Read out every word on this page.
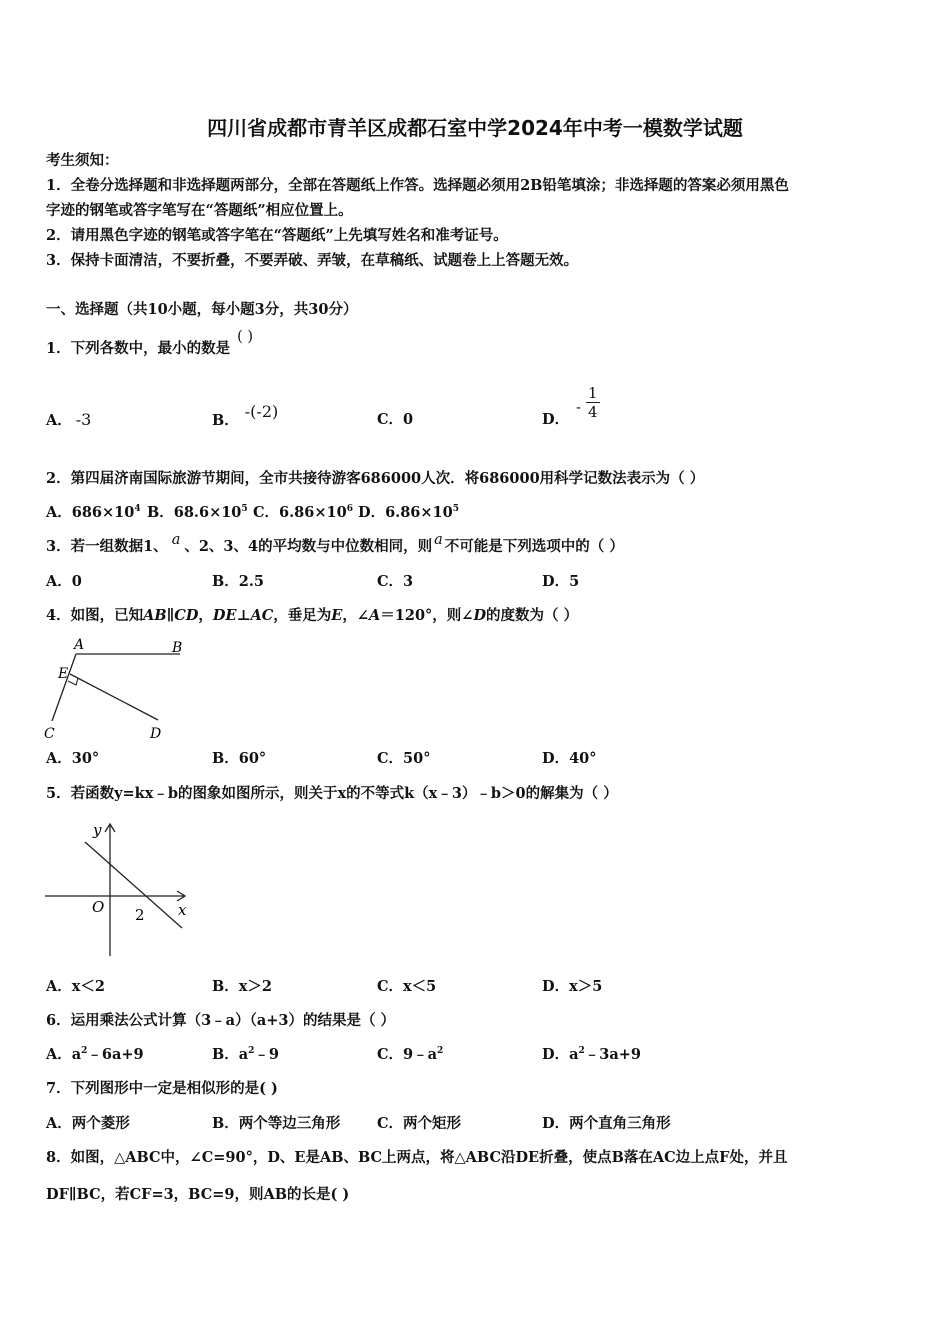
四川省成都市青羊区成都石室中学2024年中考一模数学试题
考生须知：
1．全卷分选择题和非选择题两部分，全部在答题纸上作答。选择题必须用2B铅笔填涂；非选择题的答案必须用黑色
字迹的钢笔或答字笔写在“答题纸”相应位置上。
2．请用黑色字迹的钢笔或答字笔在“答题纸”上先填写姓名和准考证号。
3．保持卡面清洁，不要折叠，不要弄破、弄皱，在草稿纸、试题卷上上答题无效。
一、选择题（共10小题，每小题3分，共30分）
1．下列各数中，最小的数是 ( )
A． -3	B． -(-2)	C．0	D．
- $\frac{1}{4}$
2．第四届济南国际旅游节期间，全市共接待游客686000人次．将686000用科学记数法表示为（ ）
A．$686\times 10^4$ B．$68.6\times 10^5$ C．$6.86\times 10^6$ D．$6.86\times 10^5$
3．若一组数据1、 a 、2、3、4的平均数与中位数相同，则 a 不可能是下列选项中的（ ）
A．0	B．2.5	C．3	D．5
4．如图，已知AB∥CD，DE⊥AC，垂足为E，∠A＝120°，则∠D的度数为（ ）
A	B
E
C	D
A．30°	B．60°	C．50°	D．40°
5．若函数y=kx﹣b的图象如图所示，则关于x的不等式k（x﹣3）﹣b＞0的解集为（ ）
y
x
O 2
A．x＜2	B．x＞2	C．x＜5	D．x＞5
6．运用乘法公式计算（3﹣a）（a+3）的结果是（ ）
A．$a^2﹣6a+9$	B．$a^2﹣9$	C．$9﹣a^2$	D．$a^2﹣3a+9$
7．下列图形中一定是相似形的是( )
A．两个菱形	B．两个等边三角形	C．两个矩形	D．两个直角三角形
8．如图，△ABC中，∠C=90°，D、E是AB、BC上两点，将△ABC沿DE折叠，使点B落在AC边上点F处，并且
DF∥BC，若CF=3，BC=9，则AB的长是( )
